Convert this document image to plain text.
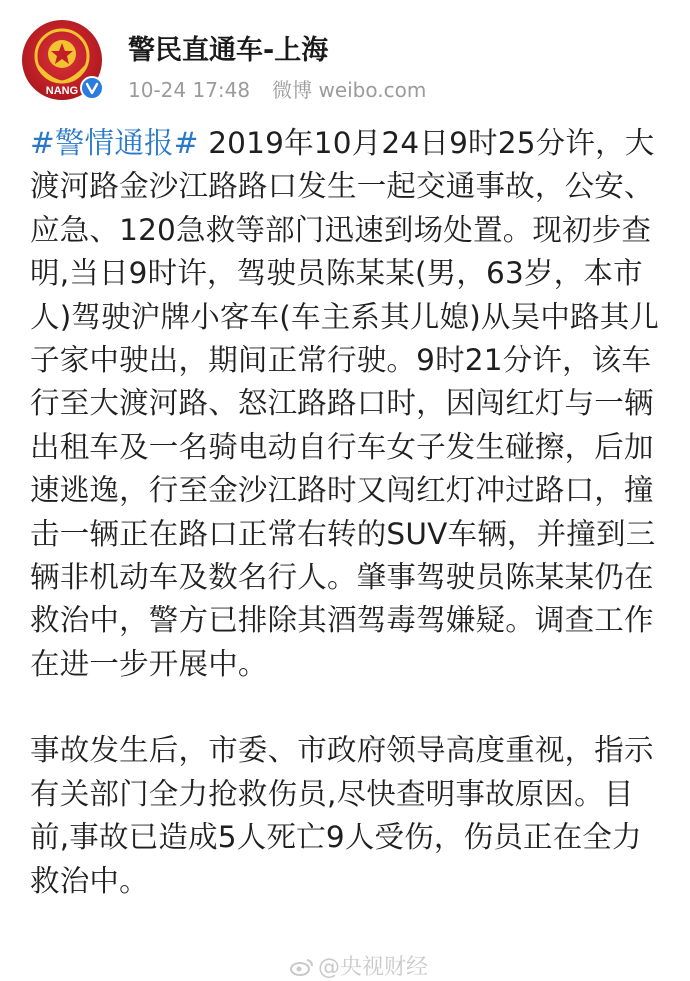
NANG
警民直通车-上海
10-24 17:48 微博 weibo.com

#警情通报# 2019年10月24日9时25分许，大渡河路金沙江路路口发生一起交通事故，公安、应急、120急救等部门迅速到场处置。现初步查明,当日9时许，驾驶员陈某某(男，63岁，本市人)驾驶沪牌小客车(车主系其儿媳)从吴中路其儿子家中驶出，期间正常行驶。9时21分许，该车行至大渡河路、怒江路路口时，因闯红灯与一辆出租车及一名骑电动自行车女子发生碰擦，后加速逃逸，行至金沙江路时又闯红灯冲过路口，撞击一辆正在路口正常右转的SUV车辆，并撞到三辆非机动车及数名行人。肇事驾驶员陈某某仍在救治中，警方已排除其酒驾毒驾嫌疑。调查工作在进一步开展中。

事故发生后，市委、市政府领导高度重视，指示有关部门全力抢救伤员,尽快查明事故原因。目前,事故已造成5人死亡9人受伤，伤员正在全力救治中。

@央视财经
